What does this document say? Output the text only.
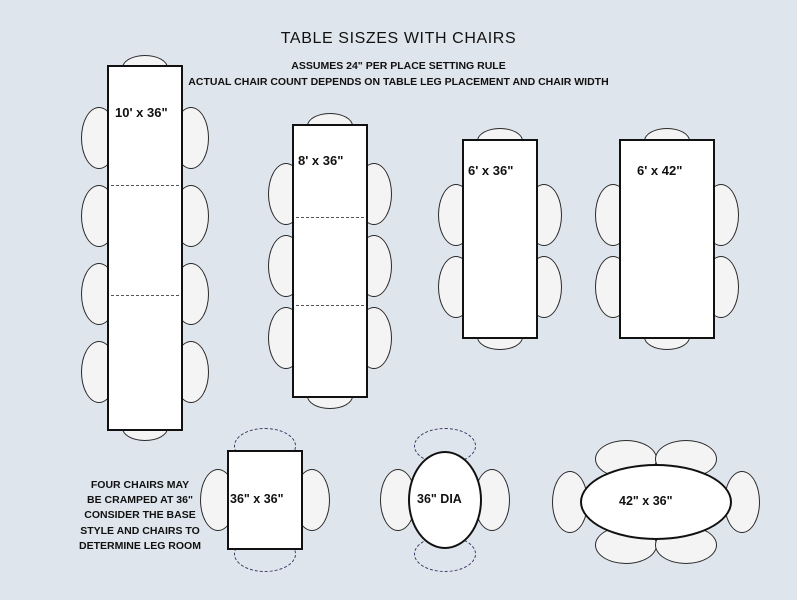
TABLE SISZES WITH CHAIRS
ASSUMES 24" PER PLACE SETTING RULE
ACTUAL CHAIR COUNT DEPENDS ON TABLE LEG PLACEMENT AND CHAIR WIDTH
10' x 36"
8' x 36"
6' x 36"	6' x 42"
FOUR CHAIRS MAY
BE CRAMPED AT 36"
CONSIDER THE BASE
STYLE AND CHAIRS TO
DETERMINE LEG ROOM
36" x 36"	36" DIA	42" x 36"
